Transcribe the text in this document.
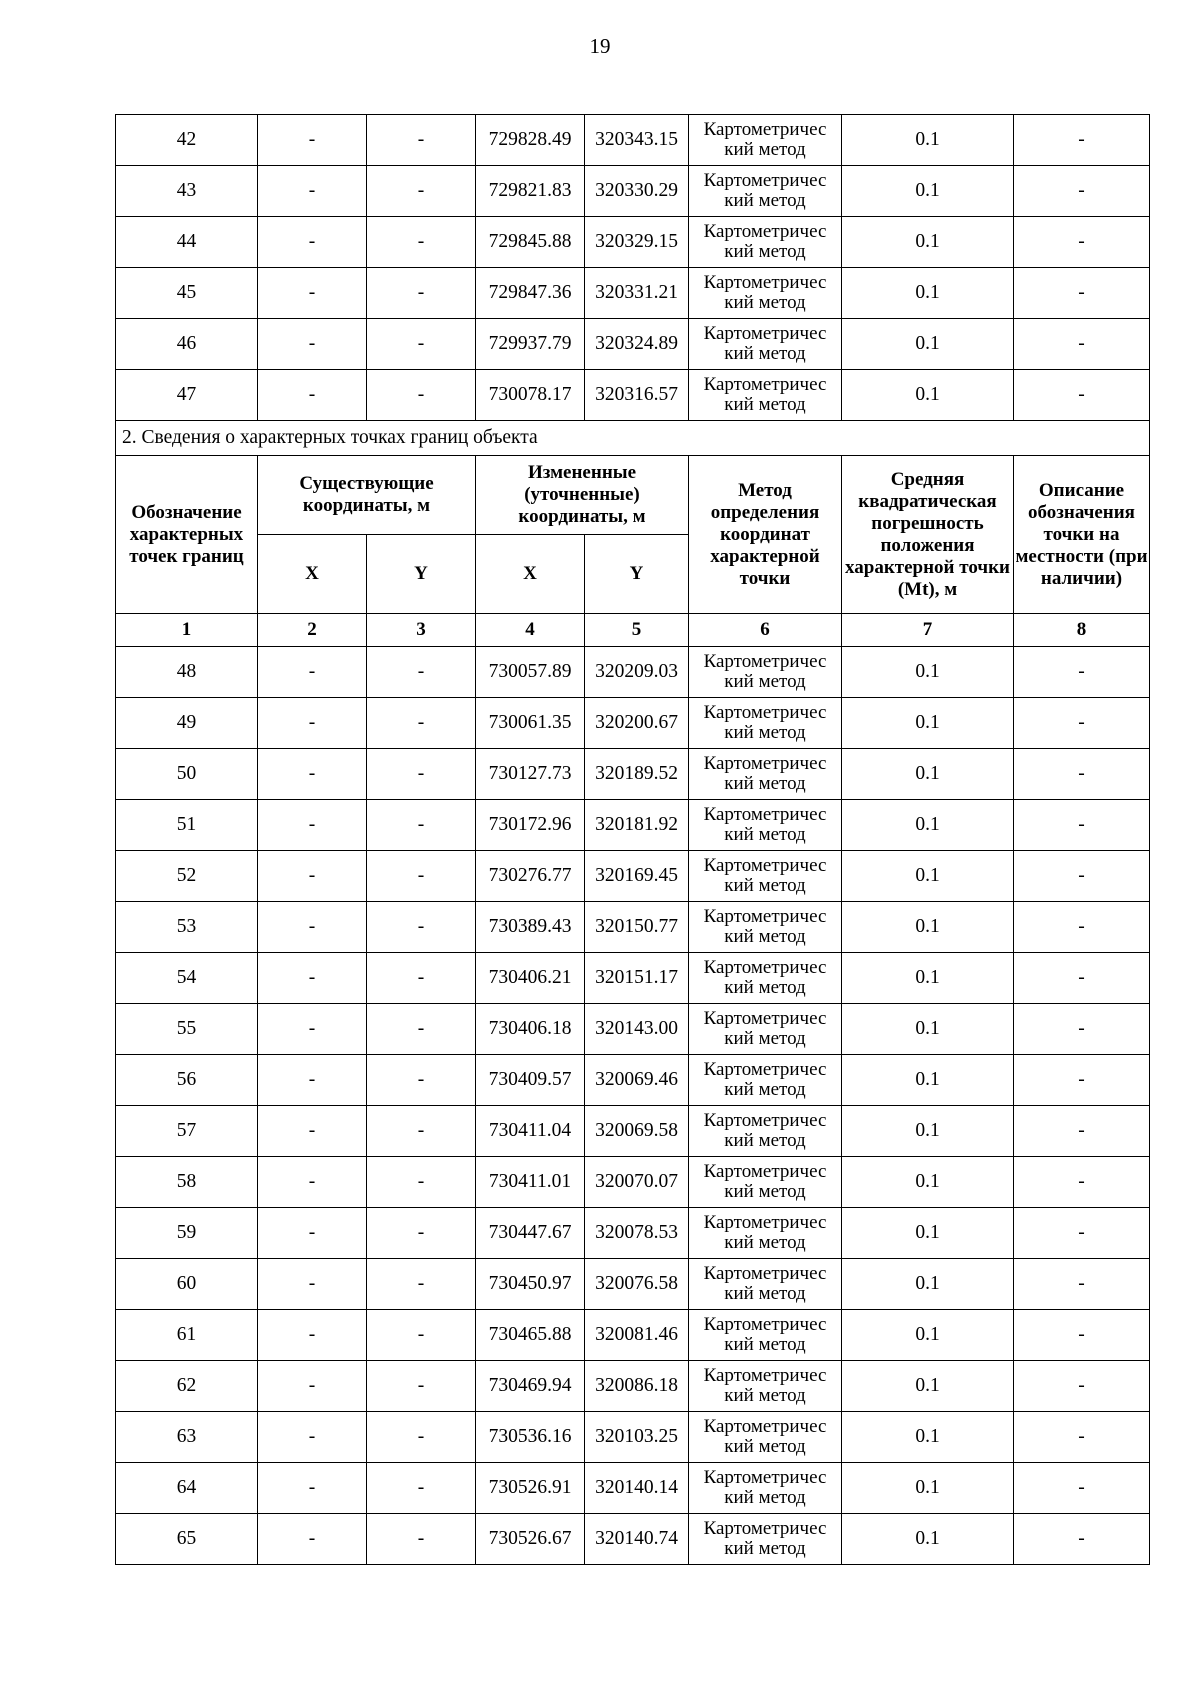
19
42	-	-	729828.49	320343.15	Картометричес
кий метод	0.1	-
43	-	-	729821.83	320330.29	Картометричес
кий метод	0.1	-
44	-	-	729845.88	320329.15	Картометричес
кий метод	0.1	-
45	-	-	729847.36	320331.21	Картометричес
кий метод	0.1	-
46	-	-	729937.79	320324.89	Картометричес
кий метод	0.1	-
47	-	-	730078.17	320316.57	Картометричес
кий метод	0.1	-
2. Сведения о характерных точках границ объекта							
Обозначение характерных точек границ	Существующие координаты, м		Измененные (уточненные) координаты, м		Метод определения координат характерной точки	Средняя квадратическая погрешность положения характерной точки (Mt), м	Описание обозначения точки на местности (при наличии)
	X	Y	X	Y			
1	2	3	4	5	6	7	8
48	-	-	730057.89	320209.03	Картометричес
кий метод	0.1	-
49	-	-	730061.35	320200.67	Картометричес
кий метод	0.1	-
50	-	-	730127.73	320189.52	Картометричес
кий метод	0.1	-
51	-	-	730172.96	320181.92	Картометричес
кий метод	0.1	-
52	-	-	730276.77	320169.45	Картометричес
кий метод	0.1	-
53	-	-	730389.43	320150.77	Картометричес
кий метод	0.1	-
54	-	-	730406.21	320151.17	Картометричес
кий метод	0.1	-
55	-	-	730406.18	320143.00	Картометричес
кий метод	0.1	-
56	-	-	730409.57	320069.46	Картометричес
кий метод	0.1	-
57	-	-	730411.04	320069.58	Картометричес
кий метод	0.1	-
58	-	-	730411.01	320070.07	Картометричес
кий метод	0.1	-
59	-	-	730447.67	320078.53	Картометричес
кий метод	0.1	-
60	-	-	730450.97	320076.58	Картометричес
кий метод	0.1	-
61	-	-	730465.88	320081.46	Картометричес
кий метод	0.1	-
62	-	-	730469.94	320086.18	Картометричес
кий метод	0.1	-
63	-	-	730536.16	320103.25	Картометричес
кий метод	0.1	-
64	-	-	730526.91	320140.14	Картометричес
кий метод	0.1	-
65	-	-	730526.67	320140.74	Картометричес
кий метод	0.1	-
